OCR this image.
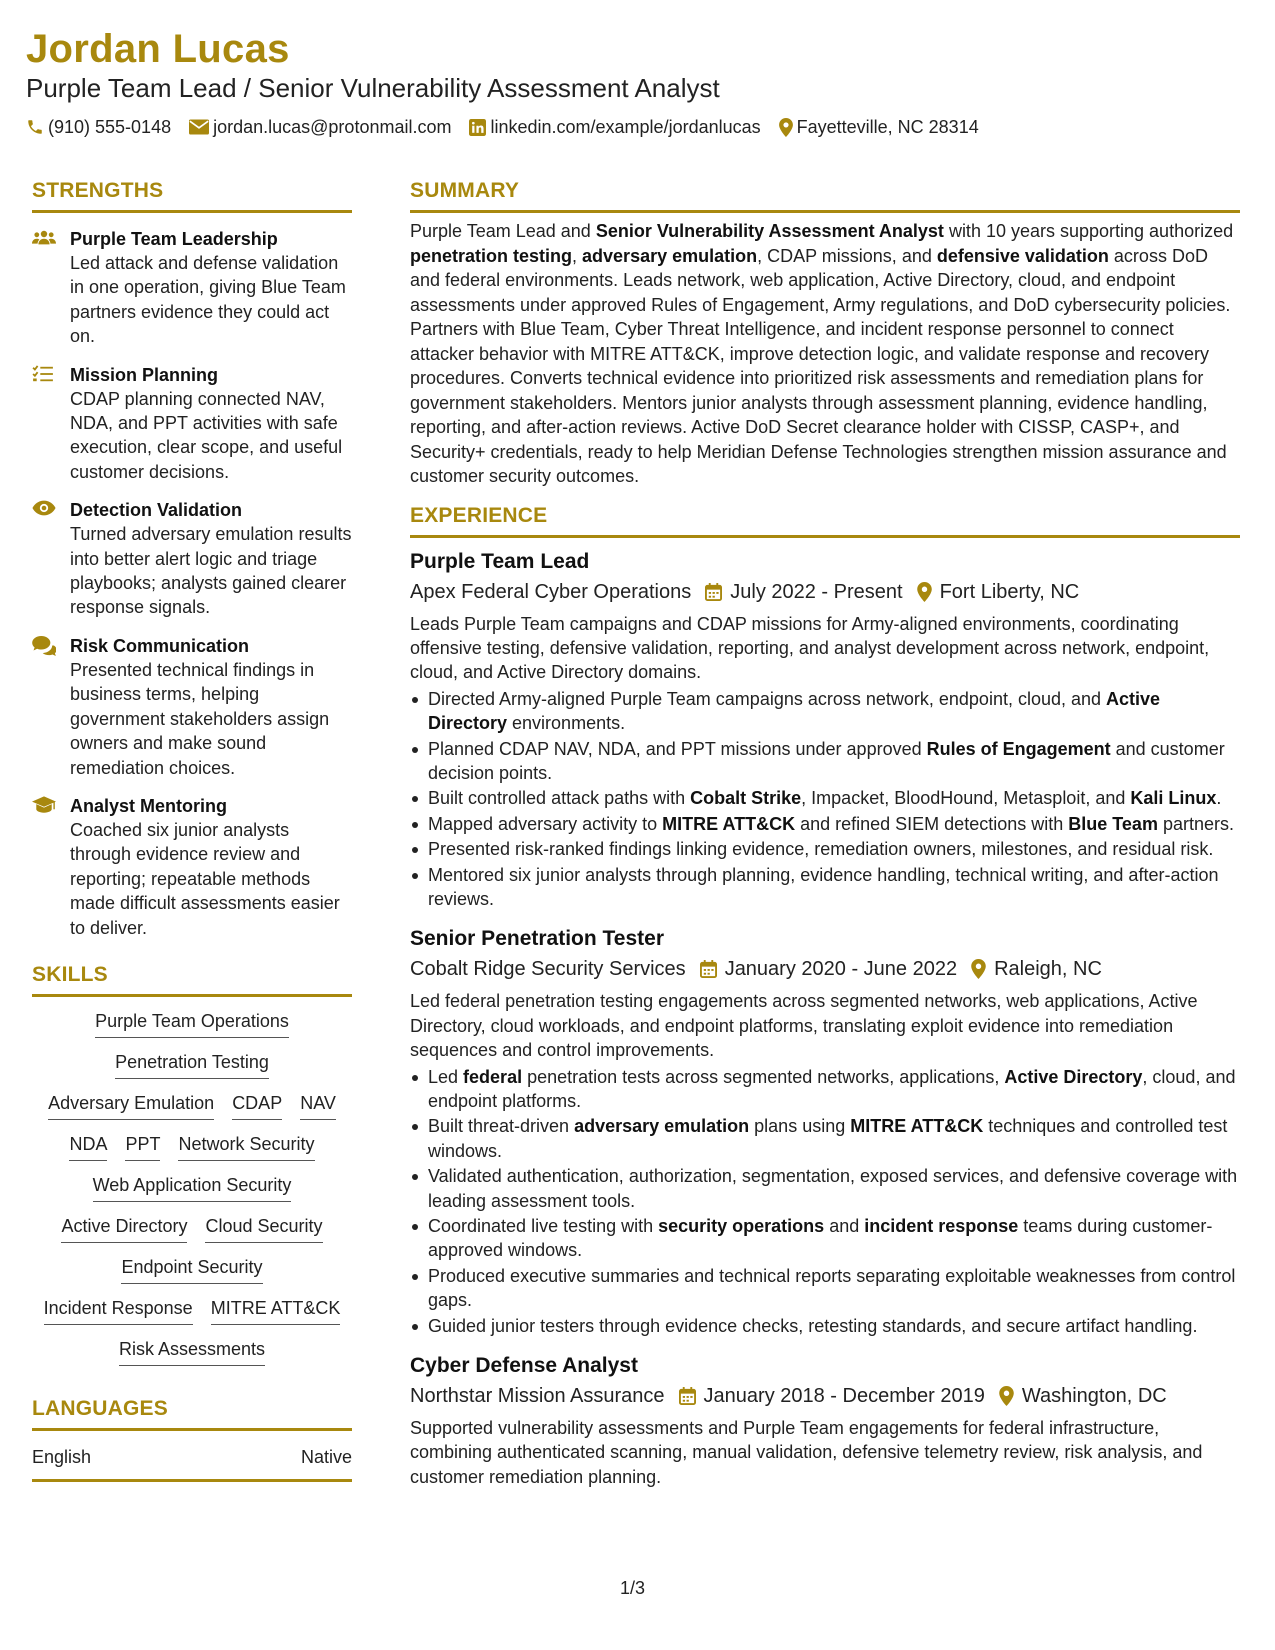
Jordan Lucas
Purple Team Lead / Senior Vulnerability Assessment Analyst
(910) 555-0148 jordan.lucas@protonmail.com linkedin.com/example/jordanlucas Fayetteville, NC 28314
STRENGTHS
Purple Team Leadership
Led attack and defense validation in one operation, giving Blue Team partners evidence they could act on.
Mission Planning
CDAP planning connected NAV, NDA, and PPT activities with safe execution, clear scope, and useful customer decisions.
Detection Validation
Turned adversary emulation results into better alert logic and triage playbooks; analysts gained clearer response signals.
Risk Communication
Presented technical findings in business terms, helping government stakeholders assign owners and make sound remediation choices.
Analyst Mentoring
Coached six junior analysts through evidence review and reporting; repeatable methods made difficult assessments easier to deliver.
SKILLS
Purple Team Operations
Penetration Testing
Adversary Emulation CDAP NAV
NDA PPT Network Security
Web Application Security
Active Directory Cloud Security
Endpoint Security
Incident Response MITRE ATT&CK
Risk Assessments
LANGUAGES
English	Native
SUMMARY
Purple Team Lead and Senior Vulnerability Assessment Analyst with 10 years supporting authorized penetration testing, adversary emulation, CDAP missions, and defensive validation across DoD and federal environments. Leads network, web application, Active Directory, cloud, and endpoint assessments under approved Rules of Engagement, Army regulations, and DoD cybersecurity policies. Partners with Blue Team, Cyber Threat Intelligence, and incident response personnel to connect attacker behavior with MITRE ATT&CK, improve detection logic, and validate response and recovery procedures. Converts technical evidence into prioritized risk assessments and remediation plans for government stakeholders. Mentors junior analysts through assessment planning, evidence handling, reporting, and after-action reviews. Active DoD Secret clearance holder with CISSP, CASP+, and Security+ credentials, ready to help Meridian Defense Technologies strengthen mission assurance and customer security outcomes.
EXPERIENCE
Purple Team Lead
Apex Federal Cyber Operations July 2022 - Present Fort Liberty, NC
Leads Purple Team campaigns and CDAP missions for Army-aligned environments, coordinating offensive testing, defensive validation, reporting, and analyst development across network, endpoint, cloud, and Active Directory domains.
Directed Army-aligned Purple Team campaigns across network, endpoint, cloud, and Active Directory environments.
Planned CDAP NAV, NDA, and PPT missions under approved Rules of Engagement and customer decision points.
Built controlled attack paths with Cobalt Strike, Impacket, BloodHound, Metasploit, and Kali Linux.
Mapped adversary activity to MITRE ATT&CK and refined SIEM detections with Blue Team partners.
Presented risk-ranked findings linking evidence, remediation owners, milestones, and residual risk.
Mentored six junior analysts through planning, evidence handling, technical writing, and after-action reviews.
Senior Penetration Tester
Cobalt Ridge Security Services January 2020 - June 2022 Raleigh, NC
Led federal penetration testing engagements across segmented networks, web applications, Active Directory, cloud workloads, and endpoint platforms, translating exploit evidence into remediation sequences and control improvements.
Led federal penetration tests across segmented networks, applications, Active Directory, cloud, and endpoint platforms.
Built threat-driven adversary emulation plans using MITRE ATT&CK techniques and controlled test windows.
Validated authentication, authorization, segmentation, exposed services, and defensive coverage with leading assessment tools.
Coordinated live testing with security operations and incident response teams during customer-approved windows.
Produced executive summaries and technical reports separating exploitable weaknesses from control gaps.
Guided junior testers through evidence checks, retesting standards, and secure artifact handling.
Cyber Defense Analyst
Northstar Mission Assurance January 2018 - December 2019 Washington, DC
Supported vulnerability assessments and Purple Team engagements for federal infrastructure, combining authenticated scanning, manual validation, defensive telemetry review, risk analysis, and customer remediation planning.
1/3
